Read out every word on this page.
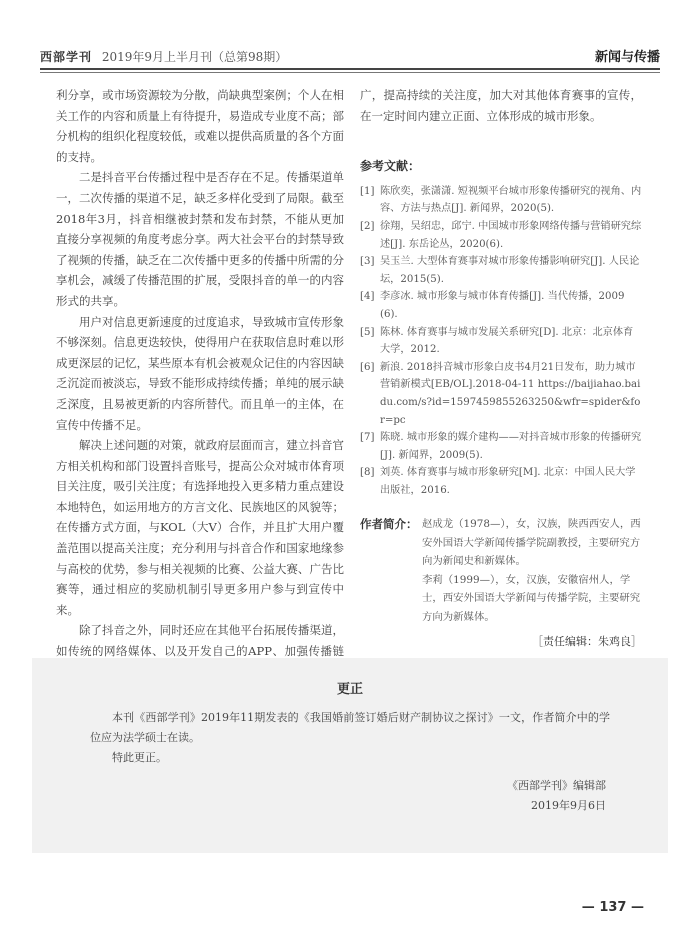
西部学刊 2019年9月上半月刊（总第98期）	新闻与传播

利分享，或市场资源较为分散，尚缺典型案例；个人在相关工作的内容和质量上有待提升，易造成专业度不高；部分机构的组织化程度较低，或难以提供高质量的各个方面的支持。

二是抖音平台传播过程中是否存在不足。传播渠道单一，二次传播的渠道不足，缺乏多样化受到了局限。截至2018年3月，抖音相继被封禁和发布封禁，不能从更加直接分享视频的角度考虑分享。两大社会平台的封禁导致了视频的传播，缺乏在二次传播中更多的传播中所需的分享机会，减缓了传播范围的扩展，受限抖音的单一的内容形式的共享。

用户对信息更新速度的过度追求，导致城市宣传形象不够深刻。信息更迭较快，使得用户在获取信息时难以形成更深层的记忆，某些原本有机会被观众记住的内容因缺乏沉淀而被淡忘，导致不能形成持续传播；单纯的展示缺乏深度，且易被更新的内容所替代。而且单一的主体，在宣传中传播不足。

解决上述问题的对策，就政府层面而言，建立抖音官方相关机构和部门设置抖音账号，提高公众对城市体育项目关注度，吸引关注度；有选择地投入更多精力重点建设本地特色，如运用地方的方言文化、民族地区的风貌等；在传播方式方面，与KOL（大V）合作，并且扩大用户覆盖范围以提高关注度；充分利用与抖音合作和国家地缘参与高校的优势，参与相关视频的比赛、公益大赛、广告比赛等，通过相应的奖励机制引导更多用户参与到宣传中来。

除了抖音之外，同时还应在其他平台拓展传播渠道，如传统的网络媒体、以及开发自己的APP、加强传播链

广，提高持续的关注度，加大对其他体育赛事的宣传，在一定时间内建立正面、立体形成的城市形象。

参考文献：

[1] 陈欣奕，张潇潇. 短视频平台城市形象传播研究的视角、内容、方法与热点[J]. 新闻界，2020(5).
[2] 徐翔，吴绍忠，邱宁. 中国城市形象网络传播与营销研究综述[J]. 东岳论丛，2020(6).
[3] 吴玉兰. 大型体育赛事对城市形象传播影响研究[J]. 人民论坛，2015(5).
[4] 李彦冰. 城市形象与城市体育传播[J]. 当代传播，2009(6).
[5] 陈林. 体育赛事与城市发展关系研究[D]. 北京：北京体育大学，2012.
[6] 新浪. 2018抖音城市形象白皮书4月21日发布，助力城市营销新模式[EB/OL].2018-04-11 https://baijiahao.baidu.com/s?id=1597459855263250&wfr=spider&for=pc
[7] 陈晓. 城市形象的媒介建构——对抖音城市形象的传播研究[J]. 新闻界，2009(5).
[8] 刘英. 体育赛事与城市形象研究[M]. 北京：中国人民大学出版社，2016.
作者简介： 赵成龙（1978—），女，汉族，陕西西安人，西安外国语大学新闻传播学院副教授，主要研究方向为新闻史和新媒体。
李莉（1999—），女，汉族，安徽宿州人，学士，西安外国语大学新闻与传播学院，主要研究方向为新媒体。
［责任编辑：朱鸡良］
更正

本刊《西部学刊》2019年11期发表的《我国婚前签订婚后财产制协议之探讨》一文，作者简介中的学位应为法学硕士在读。

特此更正。

《西部学刊》编辑部
2019年9月6日
— 137 —
